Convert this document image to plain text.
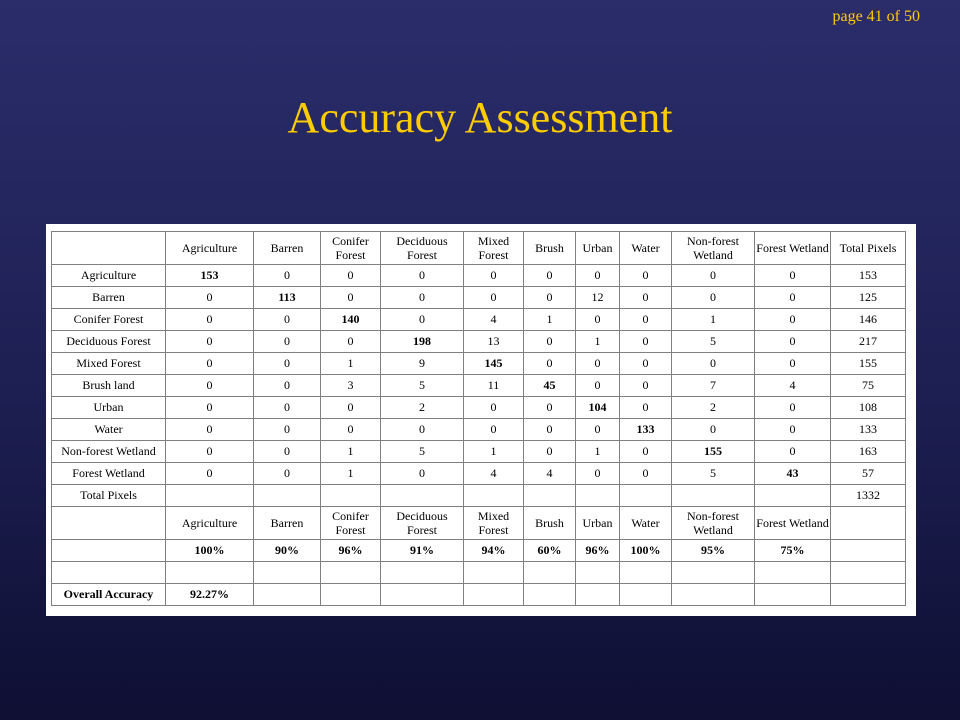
page 41 of 50
Accuracy Assessment
	Agriculture	Barren	Conifer Forest	Deciduous Forest	Mixed Forest	Brush	Urban	Water	Non-forest Wetland	Forest Wetland	Total Pixels
Agriculture	153	0	0	0	0	0	0	0	0	0	153
Barren	0	113	0	0	0	0	12	0	0	0	125
Conifer Forest	0	0	140	0	4	1	0	0	1	0	146
Deciduous Forest	0	0	0	198	13	0	1	0	5	0	217
Mixed Forest	0	0	1	9	145	0	0	0	0	0	155
Brush land	0	0	3	5	11	45	0	0	7	4	75
Urban	0	0	0	2	0	0	104	0	2	0	108
Water	0	0	0	0	0	0	0	133	0	0	133
Non-forest Wetland	0	0	1	5	1	0	1	0	155	0	163
Forest Wetland	0	0	1	0	4	4	0	0	5	43	57
Total Pixels											1332
	Agriculture	Barren	Conifer Forest	Deciduous Forest	Mixed Forest	Brush	Urban	Water	Non-forest Wetland	Forest Wetland	
	100%	90%	96%	91%	94%	60%	96%	100%	95%	75%	

Overall Accuracy	92.27%										
